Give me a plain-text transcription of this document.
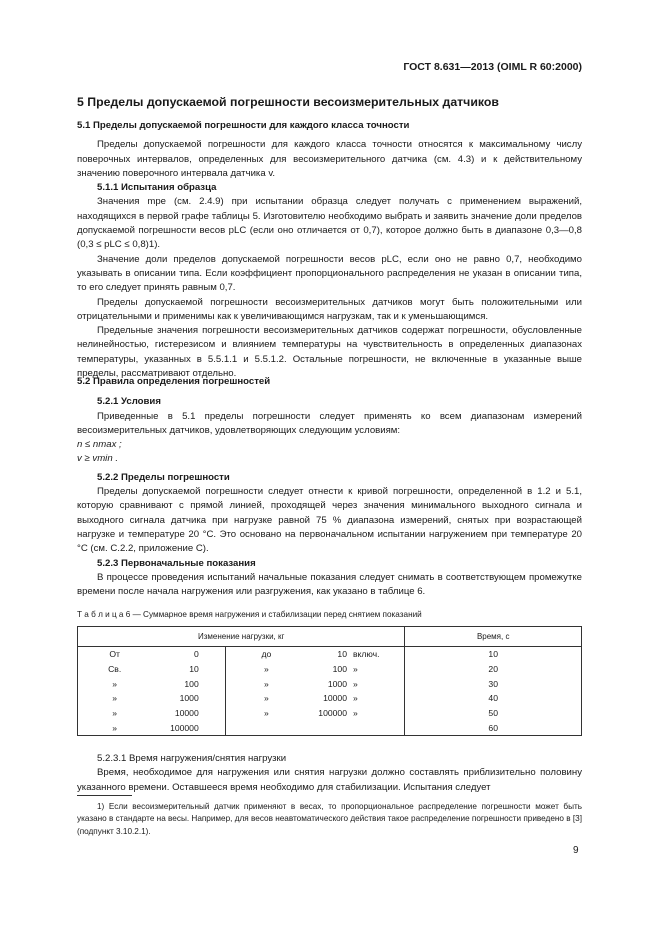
ГОСТ 8.631—2013 (OIML R 60:2000)
5 Пределы допускаемой погрешности весоизмерительных датчиков

5.1 Пределы допускаемой погрешности для каждого класса точности

Пределы допускаемой погрешности для каждого класса точности относятся к максимальному числу поверочных интервалов, определенных для весоизмерительного датчика (см. 4.3) и к действительному значению поверочного интервала датчика v.

5.1.1 Испытания образца

Значения mpe (см. 2.4.9) при испытании образца следует получать с применением выражений, находящихся в первой графе таблицы 5. Изготовителю необходимо выбрать и заявить значение доли пределов допускаемой погрешности весов pLC (если оно отличается от 0,7), которое должно быть в диапазоне 0,3—0,8 (0,3 ≤ pLC ≤ 0,8)1).

Значение доли пределов допускаемой погрешности весов pLC, если оно не равно 0,7, необходимо указывать в описании типа. Если коэффициент пропорционального распределения не указан в описании типа, то его следует принять равным 0,7.

Пределы допускаемой погрешности весоизмерительных датчиков могут быть положительными или отрицательными и применимы как к увеличивающимся нагрузкам, так и к уменьшающимся.

Предельные значения погрешности весоизмерительных датчиков содержат погрешности, обусловленные нелинейностью, гистерезисом и влиянием температуры на чувствительность в определенных диапазонах температуры, указанных в 5.5.1.1 и 5.5.1.2. Остальные погрешности, не включенные в указанные выше пределы, рассматривают отдельно.

5.2 Правила определения погрешностей

5.2.1 Условия

Приведенные в 5.1 пределы погрешности следует применять ко всем диапазонам измерений весоизмерительных датчиков, удовлетворяющих следующим условиям:

n ≤ nmax ;

v ≥ vmin .

5.2.2 Пределы погрешности

Пределы допускаемой погрешности следует отнести к кривой погрешности, определенной в 1.2 и 5.1, которую сравнивают с прямой линией, проходящей через значения минимального выходного сигнала и выходного сигнала датчика при нагрузке равной 75 % диапазона измерений, снятых при возрастающей нагрузке и температуре 20 °С. Это основано на первоначальном испытании нагружением при температуре 20 °С (см. С.2.2, приложение С).

5.2.3 Первоначальные показания

В процессе проведения испытаний начальные показания следует снимать в соответствующем промежутке времени после начала нагружения или разгружения, как указано в таблице 6.

Т а б л и ц а 6 — Суммарное время нагружения и стабилизации перед снятием показаний
Изменение нагрузки, кг					Время, с
От	0	до	10	включ.	10
Св.	10	»	100	»	20
»	100	»	1000	»	30
»	1000	»	10000	»	40
»	10000	»	100000	»	50
»	100000				60

5.2.3.1 Время нагружения/снятия нагрузки

Время, необходимое для нагружения или снятия нагрузки должно составлять приблизительно половину указанного времени. Оставшееся время необходимо для стабилизации. Испытания следует

1) Если весоизмерительный датчик применяют в весах, то пропорциональное распределение погрешности может быть указано в стандарте на весы. Например, для весов неавтоматического действия такое распределение погрешности приведено в [3] (подпункт 3.10.2.1).
9
